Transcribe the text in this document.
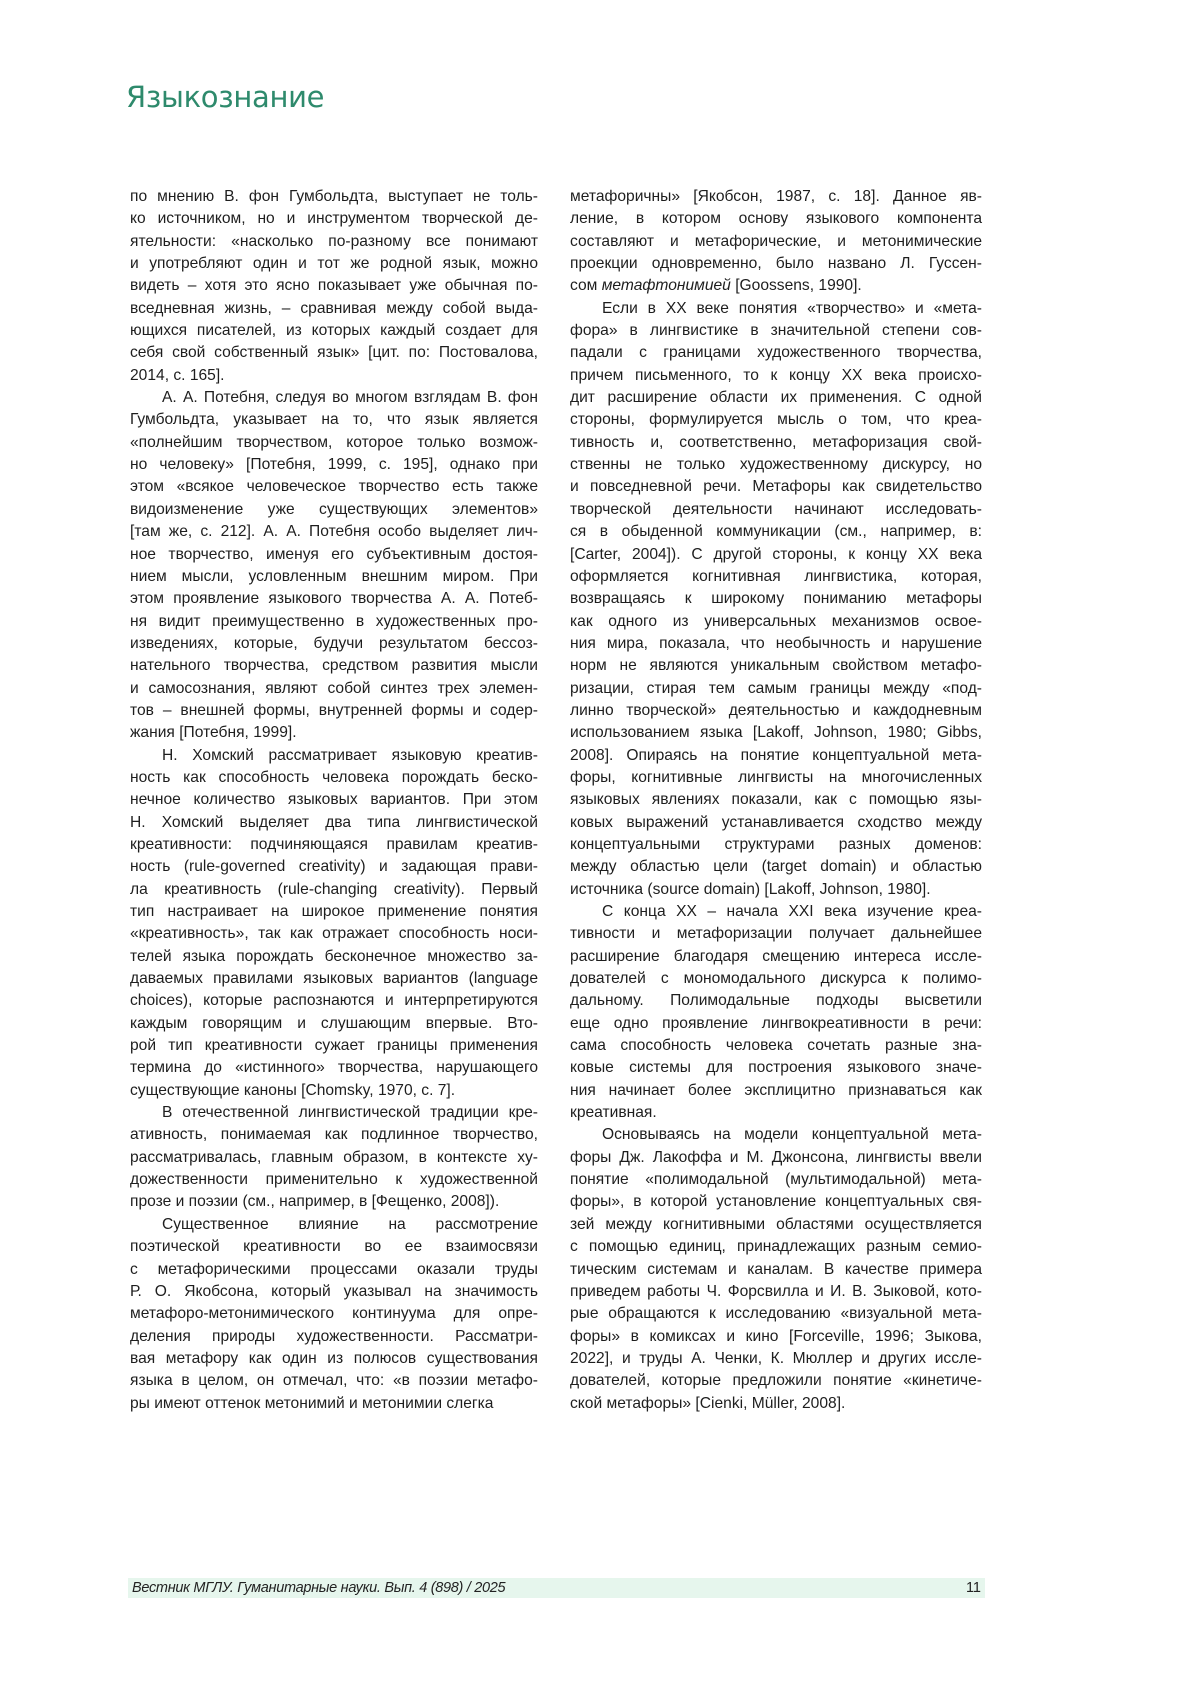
Языкознание
по мнению В. фон Гумбольдта, выступает не толь-
ко источником, но и инструментом творческой де-
ятельности: «насколько по-разному все понимают
и употребляют один и тот же родной язык, можно
видеть – хотя это ясно показывает уже обычная по-
вседневная жизнь, – сравнивая между собой выда-
ющихся писателей, из которых каждый создает для
себя свой собственный язык» [цит. по: Постовалова,
2014, с. 165].
А. А. Потебня, следуя во многом взглядам В. фон
Гумбольдта, указывает на то, что язык является
«полнейшим творчеством, которое только возмож-
но человеку» [Потебня, 1999, с. 195], однако при
этом «всякое человеческое творчество есть также
видоизменение уже существующих элементов»
[там же, с. 212]. А. А. Потебня особо выделяет лич-
ное творчество, именуя его субъективным достоя-
нием мысли, условленным внешним миром. При
этом проявление языкового творчества А. А. Потеб-
ня видит преимущественно в художественных про-
изведениях, которые, будучи результатом бессоз-
нательного творчества, средством развития мысли
и самосознания, являют собой синтез трех элемен-
тов – внешней формы, внутренней формы и содер-
жания [Потебня, 1999].
Н. Хомский рассматривает языковую креатив-
ность как способность человека порождать беско-
нечное количество языковых вариантов. При этом
Н. Хомский выделяет два типа лингвистической
креативности: подчиняющаяся правилам креатив-
ность (rule-governed creativity) и задающая прави-
ла креативность (rule-changing creativity). Первый
тип настраивает на широкое применение понятия
«креативность», так как отражает способность носи-
телей языка порождать бесконечное множество за-
даваемых правилами языковых вариантов (language
choices), которые распознаются и интерпретируются
каждым говорящим и слушающим впервые. Вто-
рой тип креативности сужает границы применения
термина до «истинного» творчества, нарушающего
существующие каноны [Chomsky, 1970, с. 7].
В отечественной лингвистической традиции кре-
ативность, понимаемая как подлинное творчество,
рассматривалась, главным образом, в контексте ху-
дожественности применительно к художественной
прозе и поэзии (см., например, в [Фещенко, 2008]).
Существенное влияние на рассмотрение
поэтической креативности во ее взаимосвязи
с метафорическими процессами оказали труды
Р. О. Якобсона, который указывал на значимость
метафоро-метонимического континуума для опре-
деления природы художественности. Рассматри-
вая метафору как один из полюсов существования
языка в целом, он отмечал, что: «в поэзии метафо-
ры имеют оттенок метонимий и метонимии слегка
метафоричны» [Якобсон, 1987, с. 18]. Данное яв-
ление, в котором основу языкового компонента
составляют и метафорические, и метонимические
проекции одновременно, было названо Л. Гуссен-
сом метафтонимией [Goossens, 1990].
Если в XX веке понятия «творчество» и «мета-
фора» в лингвистике в значительной степени сов-
падали с границами художественного творчества,
причем письменного, то к концу XX века происхо-
дит расширение области их применения. С одной
стороны, формулируется мысль о том, что креа-
тивность и, соответственно, метафоризация свой-
ственны не только художественному дискурсу, но
и повседневной речи. Метафоры как свидетельство
творческой деятельности начинают исследовать-
ся в обыденной коммуникации (см., например, в:
[Carter, 2004]). С другой стороны, к концу XX века
оформляется когнитивная лингвистика, которая,
возвращаясь к широкому пониманию метафоры
как одного из универсальных механизмов освое-
ния мира, показала, что необычность и нарушение
норм не являются уникальным свойством метафо-
ризации, стирая тем самым границы между «под-
линно творческой» деятельностью и каждодневным
использованием языка [Lakoff, Johnson, 1980; Gibbs,
2008]. Опираясь на понятие концептуальной мета-
форы, когнитивные лингвисты на многочисленных
языковых явлениях показали, как с помощью язы-
ковых выражений устанавливается сходство между
концептуальными структурами разных доменов:
между областью цели (target domain) и областью
источника (source domain) [Lakoff, Johnson, 1980].
С конца XX – начала XXI века изучение креа-
тивности и метафоризации получает дальнейшее
расширение благодаря смещению интереса иссле-
дователей с мономодального дискурса к полимо-
дальному. Полимодальные подходы высветили
еще одно проявление лингвокреативности в речи:
сама способность человека сочетать разные зна-
ковые системы для построения языкового значе-
ния начинает более эксплицитно признаваться как
креативная.
Основываясь на модели концептуальной мета-
форы Дж. Лакоффа и М. Джонсона, лингвисты ввели
понятие «полимодальной (мультимодальной) мета-
форы», в которой установление концептуальных свя-
зей между когнитивными областями осуществляется
с помощью единиц, принадлежащих разным семио-
тическим системам и каналам. В качестве примера
приведем работы Ч. Форсвилла и И. В. Зыковой, кото-
рые обращаются к исследованию «визуальной мета-
форы» в комиксах и кино [Forceville, 1996; Зыкова,
2022], и труды А. Ченки, К. Мюллер и других иссле-
дователей, которые предложили понятие «кинетиче-
ской метафоры» [Cienki, Müller, 2008].
Вестник МГЛУ. Гуманитарные науки. Вып. 4 (898) / 2025	11
